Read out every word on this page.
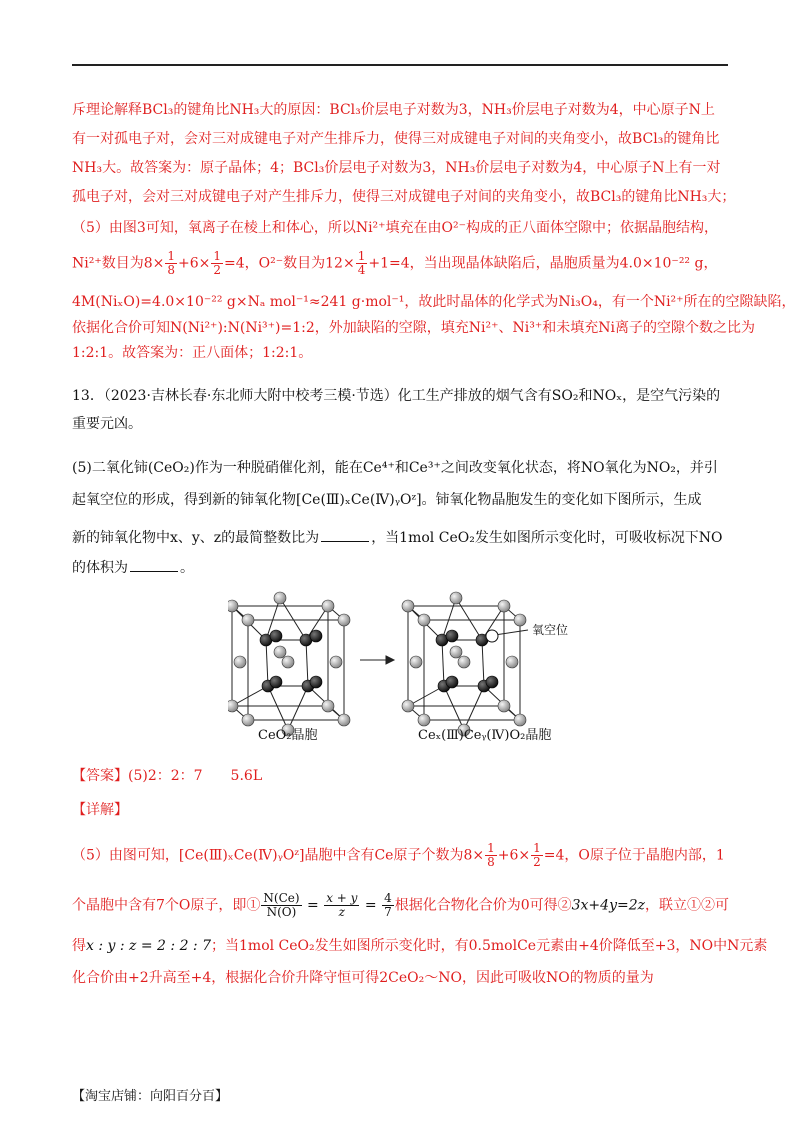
斥理论解释BCl₃的键角比NH₃大的原因：BCl₃价层电子对数为3，NH₃价层电子对数为4，中心原子N上
有一对孤电子对，会对三对成键电子对产生排斥力，使得三对成键电子对间的夹角变小，故BCl₃的键角比
NH₃大。故答案为：原子晶体；4；BCl₃价层电子对数为3，NH₃价层电子对数为4，中心原子N上有一对
孤电子对，会对三对成键电子对产生排斥力，使得三对成键电子对间的夹角变小，故BCl₃的键角比NH₃大；
（5）由图3可知，氧离子在棱上和体心，所以Ni²⁺填充在由O²⁻构成的正八面体空隙中；依据晶胞结构，
Ni²⁺数目为$8\times \frac{1}{8} +6\times \frac{1}{2} =4$，O²⁻数目为$12\times \frac{1}{4} +1=4$，当出现晶体缺陷后，晶胞质量为4.0×10⁻²² g，
4M(NiₓO)=4.0×10⁻²² g×Nₐ mol⁻¹≈241 g·mol⁻¹，故此时晶体的化学式为Ni₃O₄，有一个Ni²⁺所在的空隙缺陷，
依据化合价可知N(Ni²⁺):N(Ni³⁺)=1:2，外加缺陷的空隙，填充Ni²⁺、Ni³⁺和未填充Ni离子的空隙个数之比为
1:2:1。故答案为：正八面体；1:2:1。
13．（2023·吉林长春·东北师大附中校考三模·节选）化工生产排放的烟气含有SO₂和NOₓ，是空气污染的
重要元凶。
(5)二氧化铈(CeO₂)作为一种脱硝催化剂，能在Ce⁴⁺和Ce³⁺之间改变氧化状态，将NO氧化为NO₂，并引
起氧空位的形成，得到新的铈氧化物[Ce(Ⅲ)ₓCe(Ⅳ)ᵧOᶻ]。铈氧化物晶胞发生的变化如下图所示，生成
新的铈氧化物中x、y、z的最简整数比为	，当1mol CeO₂发生如图所示变化时，可吸收标况下NO
的体积为	。
氧空位
CeO₂晶胞	Ceₓ(Ⅲ)Ceᵧ(Ⅳ)O₂晶胞
【答案】(5)2：2：7　　5.6L
【详解】
（5）由图可知，[Ce(Ⅲ)ₓCe(Ⅳ)ᵧOᶻ]晶胞中含有Ce原子个数为$8\times \frac{1}{8} +6\times \frac{1}{2} =4$，O原子位于晶胞内部，1
个晶胞中含有7个O原子，即① $\frac{N(Ce)}{N(O)} = \frac{x + y}{z} = \frac{4}{7}$ 根据化合物化合价为0可得②3x+4y=2z，联立①②可
得x : y : z = 2 : 2 : 7；当1mol CeO₂发生如图所示变化时，有0.5molCe元素由+4价降低至+3，NO中N元素
化合价由+2升高至+4，根据化合价升降守恒可得2CeO₂～NO，因此可吸收NO的物质的量为
【淘宝店铺：向阳百分百】
